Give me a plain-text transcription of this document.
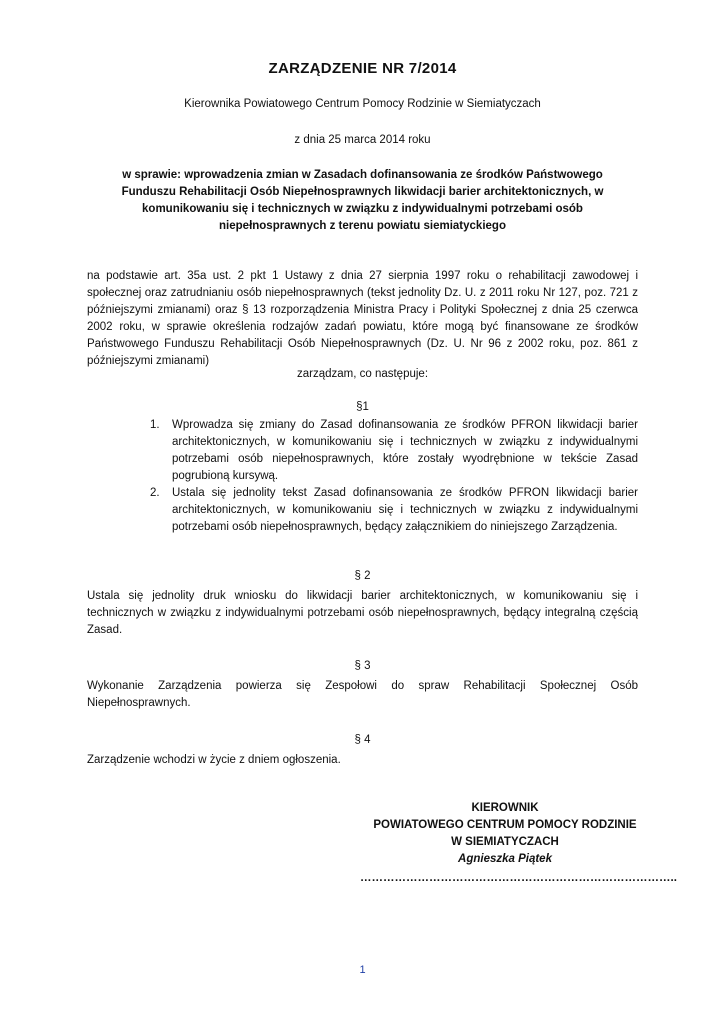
ZARZĄDZENIE NR 7/2014
Kierownika Powiatowego Centrum Pomocy Rodzinie w Siemiatyczach
z dnia 25 marca 2014 roku
w sprawie: wprowadzenia zmian w Zasadach dofinansowania ze środków Państwowego Funduszu Rehabilitacji Osób Niepełnosprawnych likwidacji barier architektonicznych, w komunikowaniu się i technicznych w związku z indywidualnymi potrzebami osób niepełnosprawnych z terenu powiatu siemiatyckiego
na podstawie art. 35a ust. 2 pkt 1 Ustawy z dnia 27 sierpnia 1997 roku o rehabilitacji zawodowej i społecznej oraz zatrudnianiu osób niepełnosprawnych (tekst jednolity Dz. U. z 2011 roku Nr 127, poz. 721 z późniejszymi zmianami) oraz § 13 rozporządzenia Ministra Pracy i Polityki Społecznej z dnia 25 czerwca 2002 roku, w sprawie określenia rodzajów zadań powiatu, które mogą być finansowane ze środków Państwowego Funduszu Rehabilitacji Osób Niepełnosprawnych (Dz. U. Nr 96 z 2002 roku, poz. 861 z późniejszymi zmianami)
zarządzam, co następuje:
§1
1. Wprowadza się zmiany do Zasad dofinansowania ze środków PFRON likwidacji barier architektonicznych, w komunikowaniu się i technicznych w związku z indywidualnymi potrzebami osób niepełnosprawnych, które zostały wyodrębnione w tekście Zasad pogrubioną kursywą.
2. Ustala się jednolity tekst Zasad dofinansowania ze środków PFRON likwidacji barier architektonicznych, w komunikowaniu się i technicznych w związku z indywidualnymi potrzebami osób niepełnosprawnych, będący załącznikiem do niniejszego Zarządzenia.
§ 2
Ustala się jednolity druk wniosku do likwidacji barier architektonicznych, w komunikowaniu się i technicznych w związku z indywidualnymi potrzebami osób niepełnosprawnych, będący integralną częścią Zasad.
§ 3
Wykonanie Zarządzenia powierza się Zespołowi do spraw Rehabilitacji Społecznej Osób Niepełnosprawnych.
§ 4
Zarządzenie wchodzi w życie z dniem ogłoszenia.
KIEROWNIK
POWIATOWEGO CENTRUM POMOCY RODZINIE
W SIEMIATYCZACH
Agnieszka Piątek
………………………………………………………………………..
1
